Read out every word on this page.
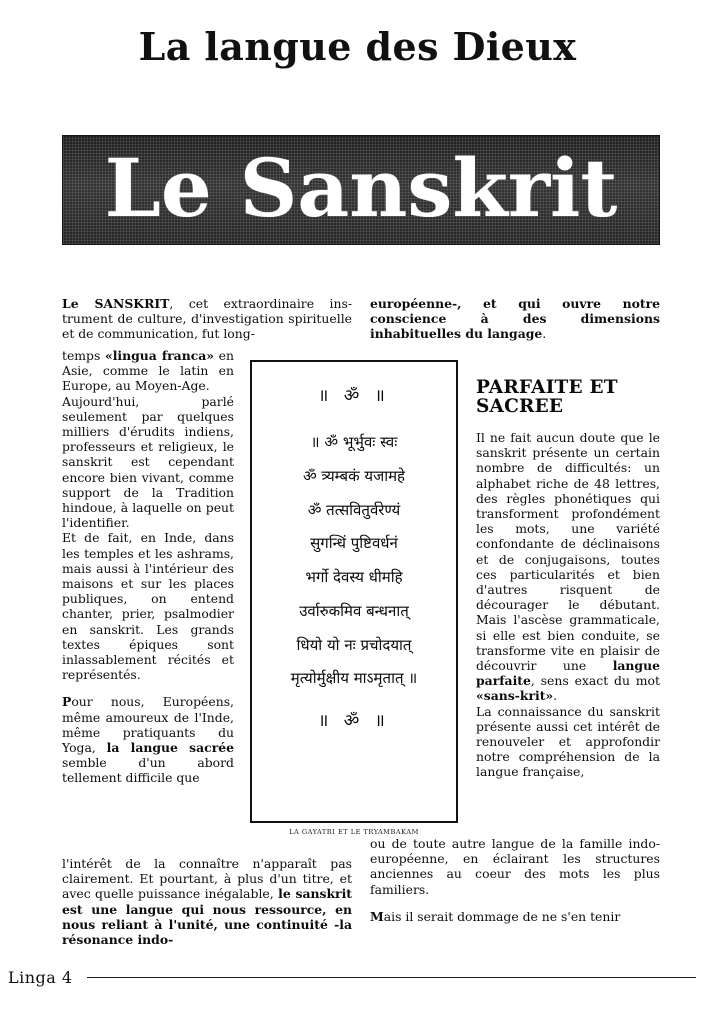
La langue des Dieux
Le Sanskrit

Le SANSKRIT, cet extraordinaire ins-trument de culture, d'investigation spirituelle et de communication, fut long-

européenne-, et qui ouvre notre conscience à des dimensions inhabituelles du langage.

temps «lingua franca» en Asie, comme le latin en Europe, au Moyen-Age.

Aujourd'hui, parlé seulement par quelques milliers d'érudits indiens, professeurs et religieux, le sanskrit est cependant encore bien vivant, comme support de la Tradition hindoue, à laquelle on peut l'identifier.

Et de fait, en Inde, dans les temples et les ashrams, mais aussi à l'intérieur des maisons et sur les places publiques, on entend chanter, prier, psalmodier en sanskrit. Les grands textes épiques sont inlassablement récités et représentés.

Pour nous, Européens, même amoureux de l'Inde, même pratiquants du Yoga, la langue sacrée semble d'un abord tellement difficile que

॥ ॐ ॥
॥ ॐ भूर्भुवः स्वः
ॐ त्र्यम्बकं यजामहे
ॐ तत्सवितुर्वरेण्यं
सुगन्धिं पुष्टिवर्धनं
भर्गो देवस्य धीमहि
उर्वारुकमिव बन्धनात्
धियो यो नः प्रचोदयात्
मृत्योर्मुक्षीय माऽमृतात् ॥
॥ ॐ ॥
LA GAYATRI ET LE TRYAMBAKAM
PARFAITE ET SACREE

Il ne fait aucun doute que le sanskrit présente un certain nombre de difficultés: un alphabet riche de 48 lettres, des règles phonétiques qui transforment profondément les mots, une variété confondante de déclinaisons et de conjugaisons, toutes ces particularités et bien d'autres risquent de décourager le débutant. Mais l'ascèse grammaticale, si elle est bien conduite, se transforme vite en plaisir de découvrir une langue parfaite, sens exact du mot «sans-krit».

La connaissance du sanskrit présente aussi cet intérêt de renouveler et approfondir notre compréhension de la langue française,

l'intérêt de la connaître n'apparaît pas clairement. Et pourtant, à plus d'un titre, et avec quelle puissance inégalable, le sanskrit est une langue qui nous ressource, en nous reliant à l'unité, une continuité -la résonance indo-

ou de toute autre langue de la famille indo-européenne, en éclairant les structures anciennes au coeur des mots les plus familiers.

Mais il serait dommage de ne s'en tenir

Linga 4
